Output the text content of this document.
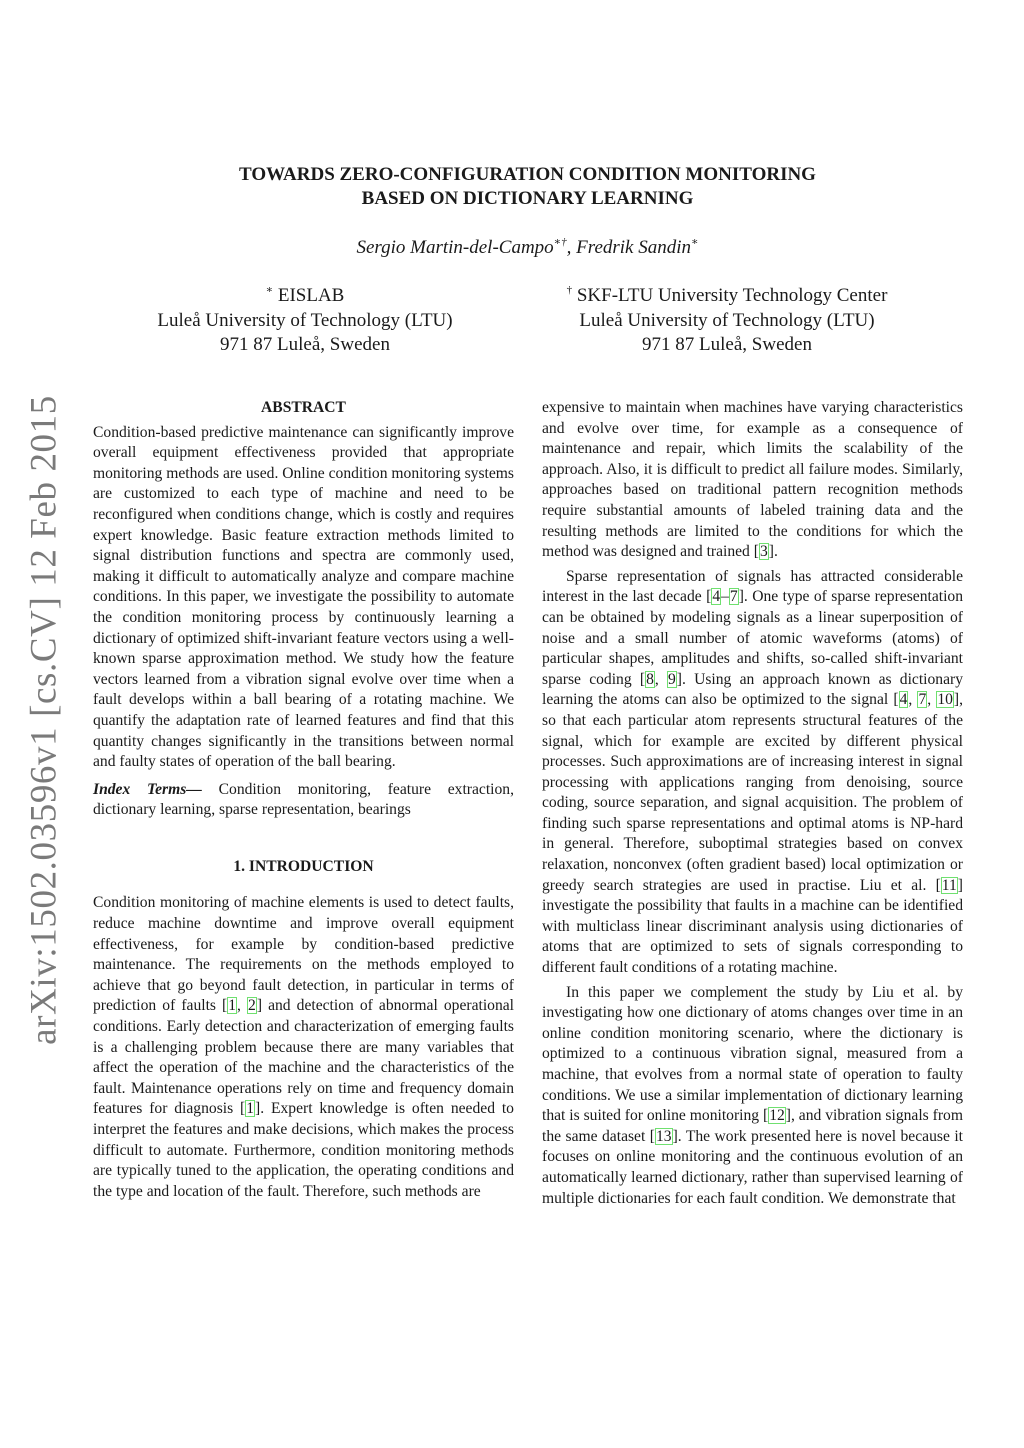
arXiv:1502.03596v1 [cs.CV] 12 Feb 2015
TOWARDS ZERO-CONFIGURATION CONDITION MONITORING
BASED ON DICTIONARY LEARNING
Sergio Martin-del-Campo∗†, Fredrik Sandin∗
∗ EISLAB
Luleå University of Technology (LTU)
971 87 Luleå, Sweden
† SKF-LTU University Technology Center
Luleå University of Technology (LTU)
971 87 Luleå, Sweden
ABSTRACT

Condition-based predictive maintenance can significantly improve overall equipment effectiveness provided that appropriate monitoring methods are used. Online condition monitoring systems are customized to each type of machine and need to be reconfigured when conditions change, which is costly and requires expert knowledge. Basic feature extraction methods limited to signal distribution functions and spectra are commonly used, making it difficult to automatically analyze and compare machine conditions. In this paper, we investigate the possibility to automate the condition monitoring process by continuously learning a dictionary of optimized shift-invariant feature vectors using a well-known sparse approximation method. We study how the feature vectors learned from a vibration signal evolve over time when a fault develops within a ball bearing of a rotating machine. We quantify the adaptation rate of learned features and find that this quantity changes significantly in the transitions between normal and faulty states of operation of the ball bearing.

Index Terms— Condition monitoring, feature extraction, dictionary learning, sparse representation, bearings
1. INTRODUCTION

Condition monitoring of machine elements is used to detect faults, reduce machine downtime and improve overall equipment effectiveness, for example by condition-based predictive maintenance. The requirements on the methods employed to achieve that go beyond fault detection, in particular in terms of prediction of faults [1, 2] and detection of abnormal operational conditions. Early detection and characterization of emerging faults is a challenging problem because there are many variables that affect the operation of the machine and the characteristics of the fault. Maintenance operations rely on time and frequency domain features for diagnosis [1]. Expert knowledge is often needed to interpret the features and make decisions, which makes the process difficult to automate. Furthermore, condition monitoring methods are typically tuned to the application, the operating conditions and the type and location of the fault. Therefore, such methods are

expensive to maintain when machines have varying characteristics and evolve over time, for example as a consequence of maintenance and repair, which limits the scalability of the approach. Also, it is difficult to predict all failure modes. Similarly, approaches based on traditional pattern recognition methods require substantial amounts of labeled training data and the resulting methods are limited to the conditions for which the method was designed and trained [3].

Sparse representation of signals has attracted considerable interest in the last decade [4–7]. One type of sparse representation can be obtained by modeling signals as a linear superposition of noise and a small number of atomic waveforms (atoms) of particular shapes, amplitudes and shifts, so-called shift-invariant sparse coding [8, 9]. Using an approach known as dictionary learning the atoms can also be optimized to the signal [4, 7, 10], so that each particular atom represents structural features of the signal, which for example are excited by different physical processes. Such approximations are of increasing interest in signal processing with applications ranging from denoising, source coding, source separation, and signal acquisition. The problem of finding such sparse representations and optimal atoms is NP-hard in general. Therefore, suboptimal strategies based on convex relaxation, nonconvex (often gradient based) local optimization or greedy search strategies are used in practise. Liu et al. [11] investigate the possibility that faults in a machine can be identified with multiclass linear discriminant analysis using dictionaries of atoms that are optimized to sets of signals corresponding to different fault conditions of a rotating machine.

In this paper we complement the study by Liu et al. by investigating how one dictionary of atoms changes over time in an online condition monitoring scenario, where the dictionary is optimized to a continuous vibration signal, measured from a machine, that evolves from a normal state of operation to faulty conditions. We use a similar implementation of dictionary learning that is suited for online monitoring [12], and vibration signals from the same dataset [13]. The work presented here is novel because it focuses on online monitoring and the continuous evolution of an automatically learned dictionary, rather than supervised learning of multiple dictionaries for each fault condition. We demonstrate that
